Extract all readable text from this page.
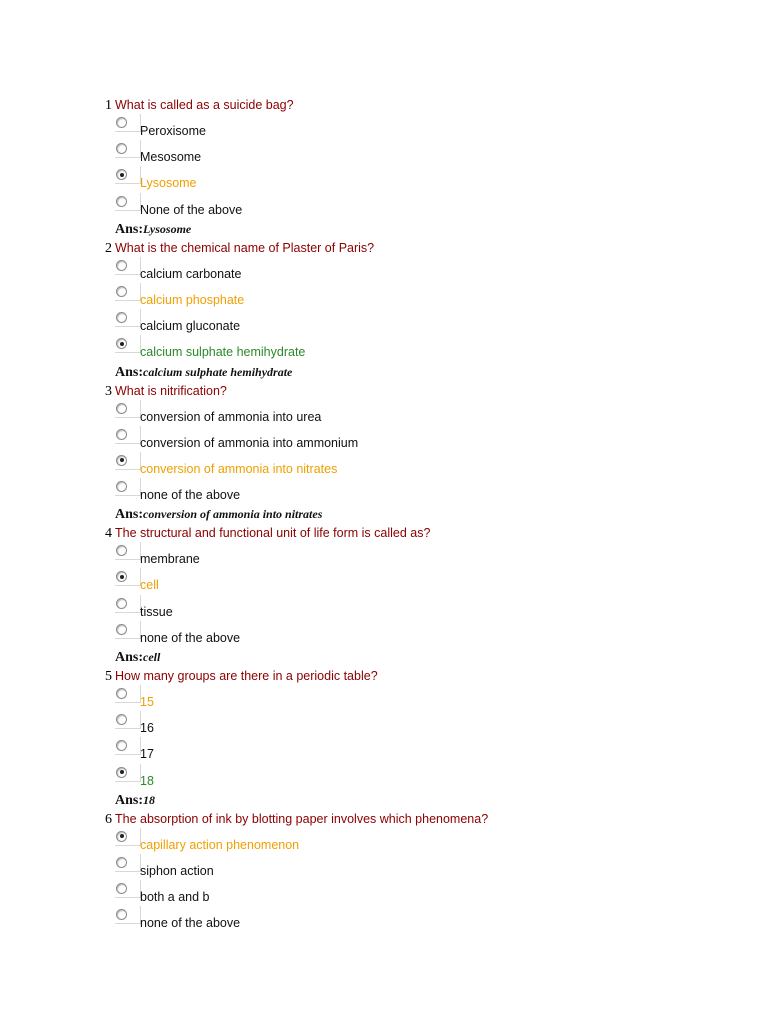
1 What is called as a suicide bag?
Peroxisome
Mesosome
Lysosome
None of the above
Ans:Lysosome
2 What is the chemical name of Plaster of Paris?
calcium carbonate
calcium phosphate
calcium gluconate
calcium sulphate hemihydrate
Ans:calcium sulphate hemihydrate
3 What is nitrification?
conversion of ammonia into urea
conversion of ammonia into ammonium
conversion of ammonia into nitrates
none of the above
Ans:conversion of ammonia into nitrates
4 The structural and functional unit of life form is called as?
membrane
cell
tissue
none of the above
Ans:cell
5 How many groups are there in a periodic table?
15
16
17
18
Ans:18
6 The absorption of ink by blotting paper involves which phenomena?
capillary action phenomenon
siphon action
both a and b
none of the above
